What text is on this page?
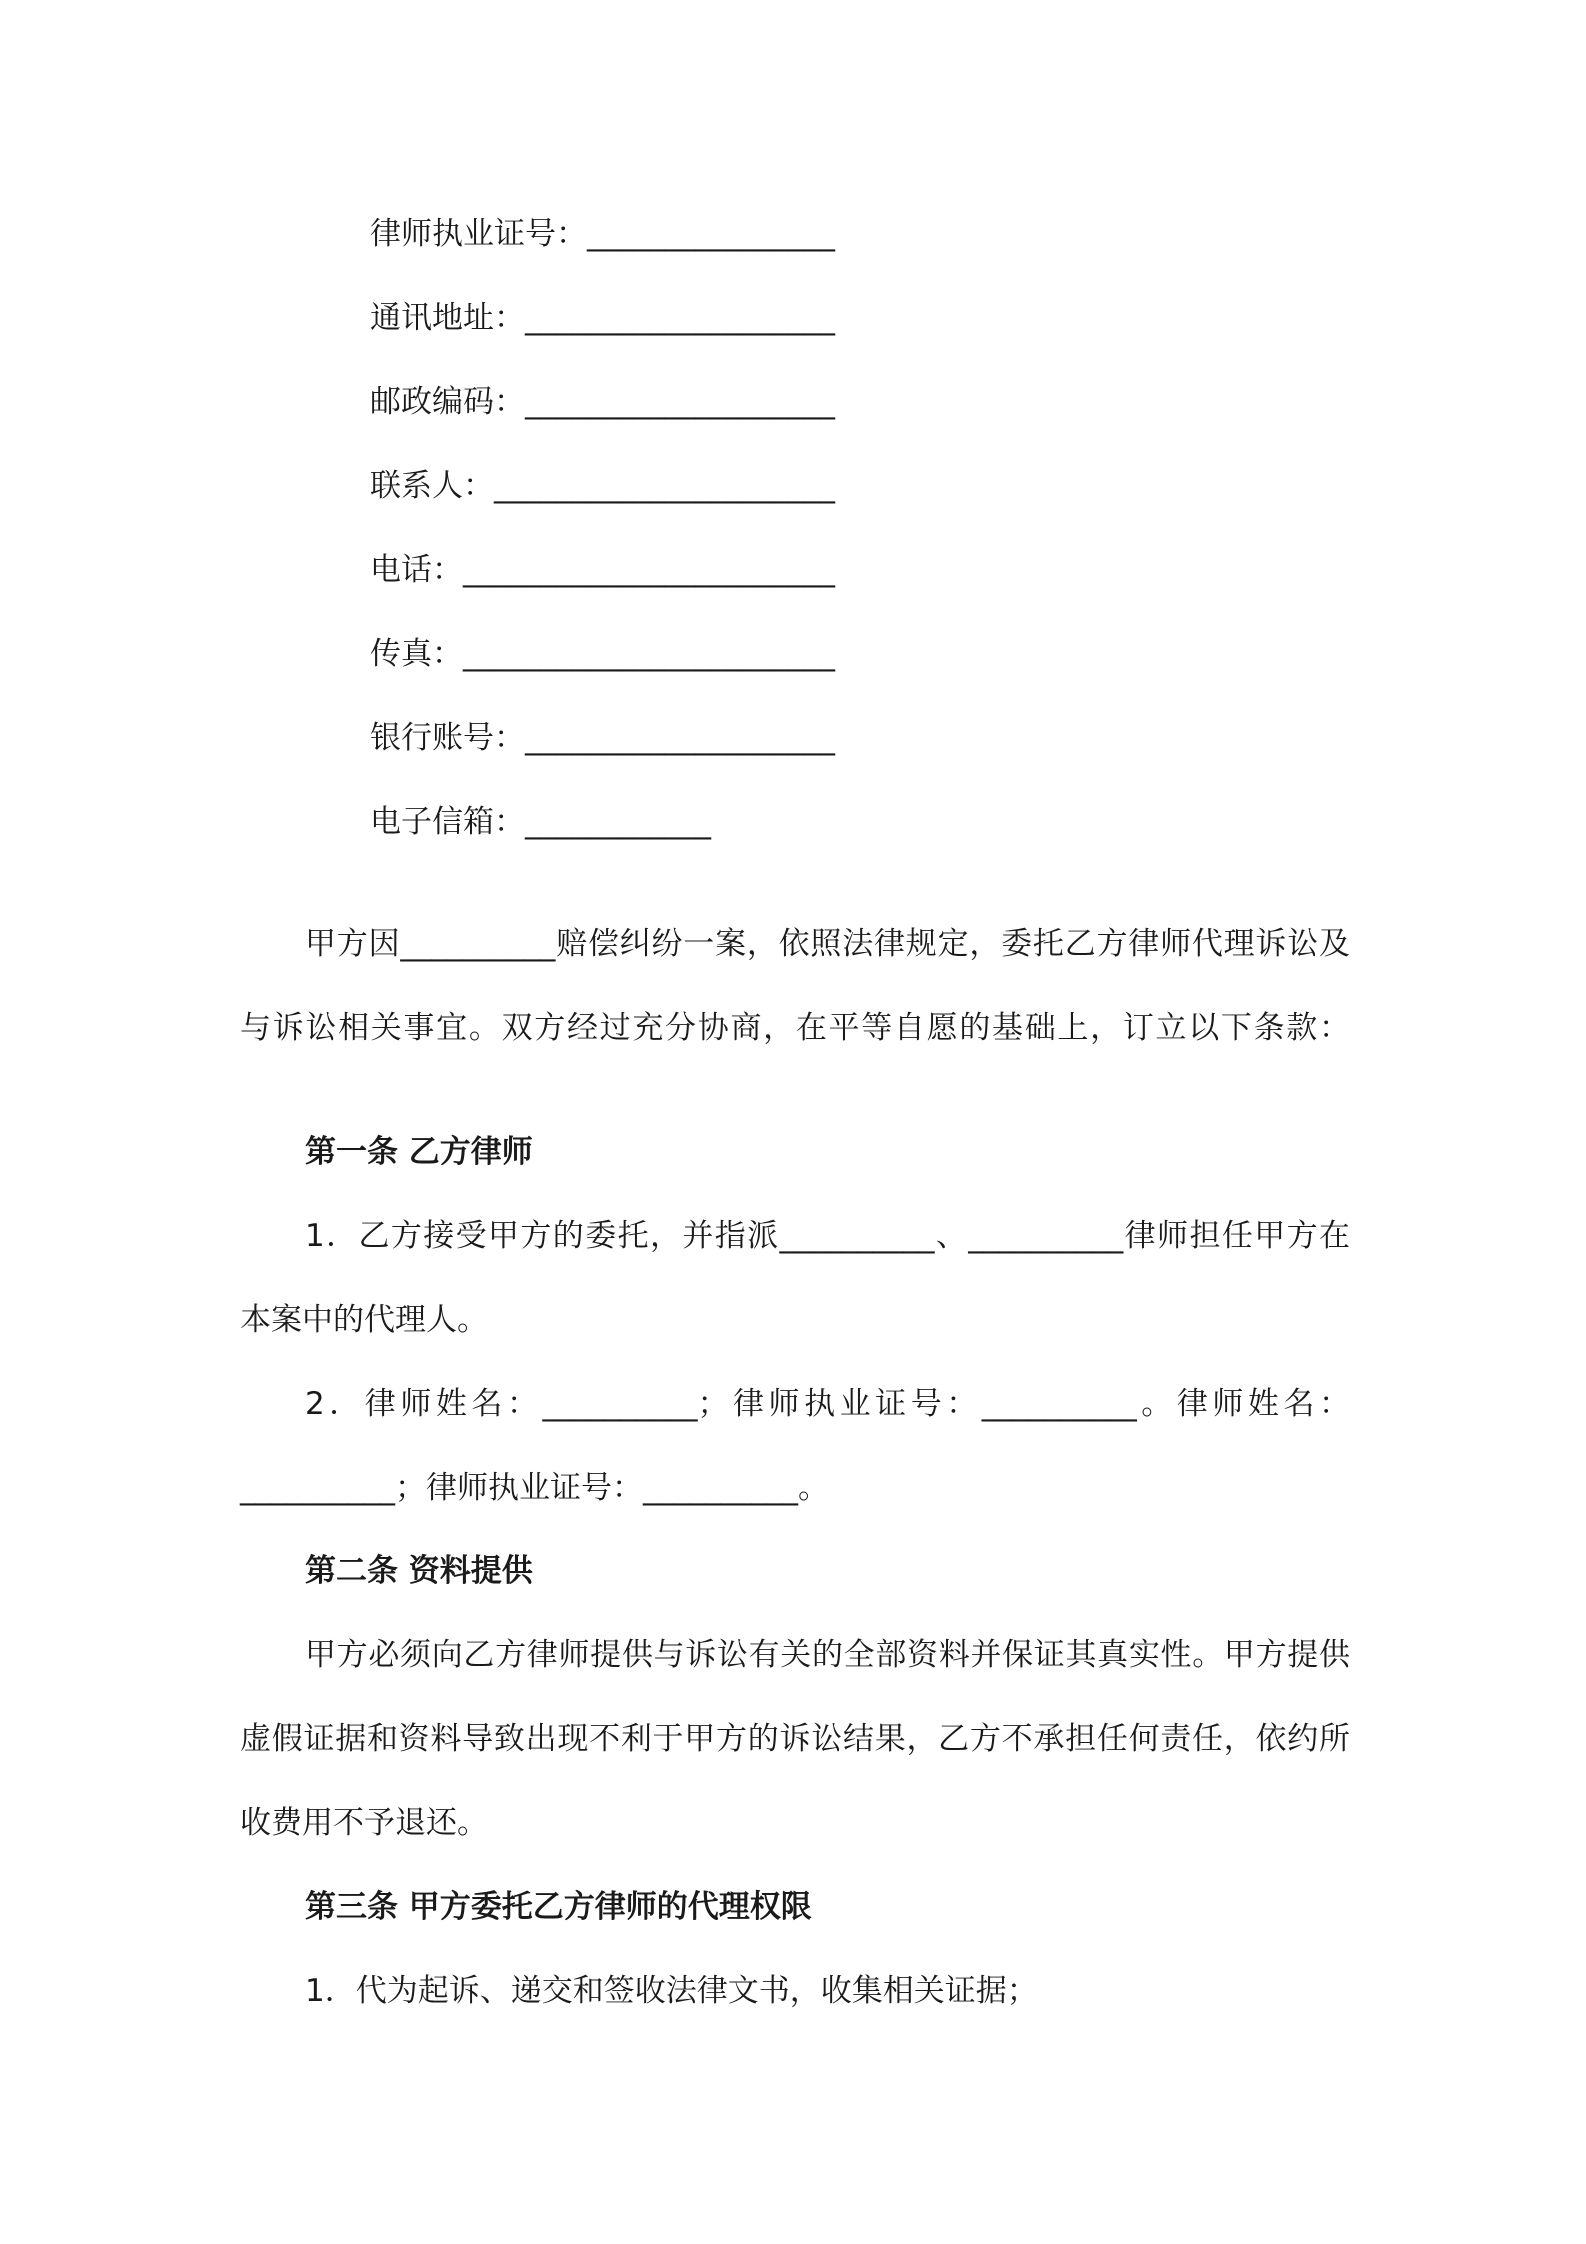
律师执业证号：________________
通讯地址：____________________
邮政编码：____________________
联系人：______________________
电话：________________________
传真：________________________
银行账号：____________________
电子信箱：____________
甲方因__________赔偿纠纷一案，依照法律规定，委托乙方律师代理诉讼及
与诉讼相关事宜。双方经过充分协商，在平等自愿的基础上，订立以下条款：
第一条 乙方律师
1．乙方接受甲方的委托，并指派__________、__________律师担任甲方在
本案中的代理人。
2．律师姓名：__________；律师执业证号：__________。律师姓名：
__________；律师执业证号：__________。
第二条 资料提供
甲方必须向乙方律师提供与诉讼有关的全部资料并保证其真实性。甲方提供
虚假证据和资料导致出现不利于甲方的诉讼结果，乙方不承担任何责任，依约所
收费用不予退还。
第三条 甲方委托乙方律师的代理权限
1．代为起诉、递交和签收法律文书，收集相关证据；
